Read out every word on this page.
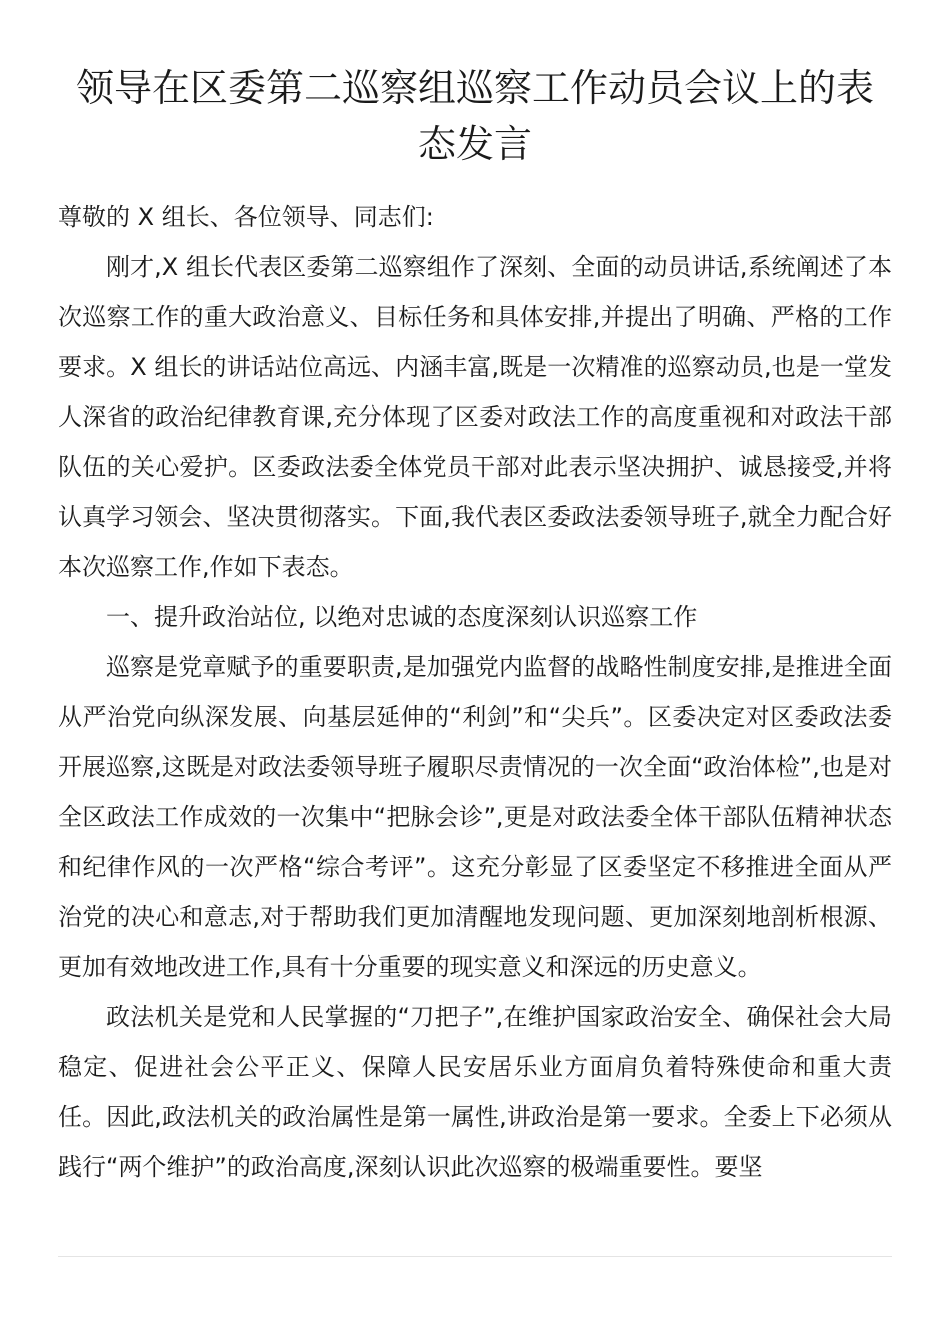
领导在区委第二巡察组巡察工作动员会议上的表态发言

尊敬的 X 组长、各位领导、同志们:

刚才,X 组长代表区委第二巡察组作了深刻、全面的动员讲话,系统阐述了本次巡察工作的重大政治意义、目标任务和具体安排,并提出了明确、严格的工作要求。X 组长的讲话站位高远、内涵丰富,既是一次精准的巡察动员,也是一堂发人深省的政治纪律教育课,充分体现了区委对政法工作的高度重视和对政法干部队伍的关心爱护。区委政法委全体党员干部对此表示坚决拥护、诚恳接受,并将认真学习领会、坚决贯彻落实。下面,我代表区委政法委领导班子,就全力配合好本次巡察工作,作如下表态。

一、提升政治站位, 以绝对忠诚的态度深刻认识巡察工作

巡察是党章赋予的重要职责,是加强党内监督的战略性制度安排,是推进全面从严治党向纵深发展、向基层延伸的“利剑”和“尖兵”。区委决定对区委政法委开展巡察,这既是对政法委领导班子履职尽责情况的一次全面“政治体检”,也是对全区政法工作成效的一次集中“把脉会诊”,更是对政法委全体干部队伍精神状态和纪律作风的一次严格“综合考评”。这充分彰显了区委坚定不移推进全面从严治党的决心和意志,对于帮助我们更加清醒地发现问题、更加深刻地剖析根源、更加有效地改进工作,具有十分重要的现实意义和深远的历史意义。

政法机关是党和人民掌握的“刀把子”,在维护国家政治安全、确保社会大局稳定、促进社会公平正义、保障人民安居乐业方面肩负着特殊使命和重大责任。因此,政法机关的政治属性是第一属性,讲政治是第一要求。全委上下必须从践行“两个维护”的政治高度,深刻认识此次巡察的极端重要性。要坚
